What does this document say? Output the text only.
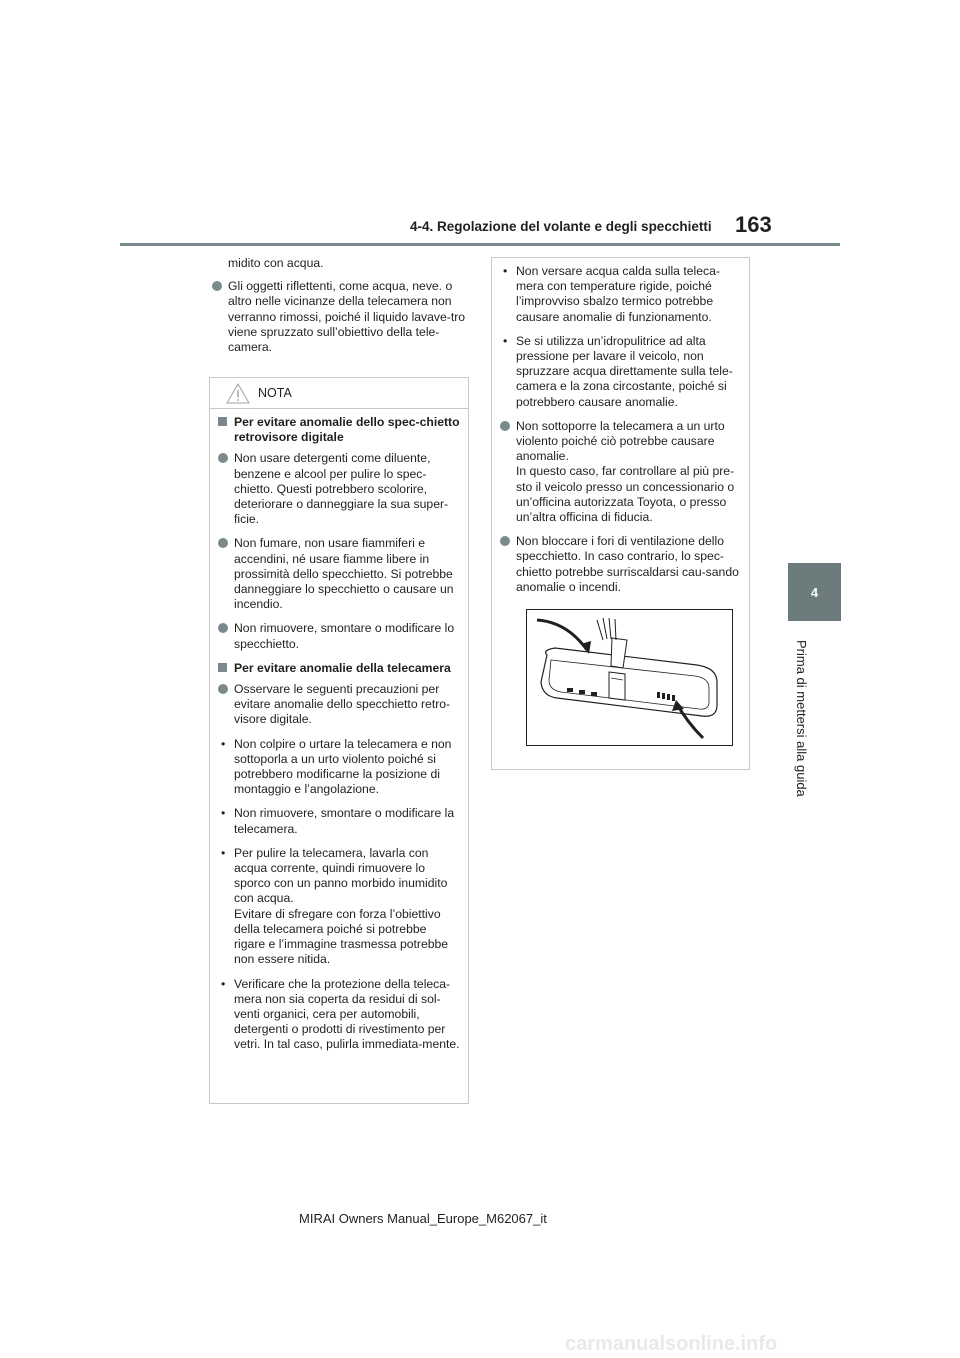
4-4. Regolazione del volante e degli specchietti 163
4
Prima di mettersi alla guida
midito con acqua.
Gli oggetti riflettenti, come acqua, neve. o altro nelle vicinanze della telecamera non verranno rimossi, poiché il liquido lavave-tro viene spruzzato sull’obiettivo della tele-camera.
NOTA
Per evitare anomalie dello spec-chietto retrovisore digitale
Non usare detergenti come diluente, benzene e alcool per pulire lo spec-chietto. Questi potrebbero scolorire, deteriorare o danneggiare la sua super-ficie.
Non fumare, non usare fiammiferi e accendini, né usare fiamme libere in prossimità dello specchietto. Si potrebbe danneggiare lo specchietto o causare un incendio.
Non rimuovere, smontare o modificare lo specchietto.
Per evitare anomalie della telecamera
Osservare le seguenti precauzioni per evitare anomalie dello specchietto retro-visore digitale.
• Non colpire o urtare la telecamera e non sottoporla a un urto violento poiché si potrebbero modificarne la posizione di montaggio e l’angolazione.
• Non rimuovere, smontare o modificare la telecamera.
• Per pulire la telecamera, lavarla con acqua corrente, quindi rimuovere lo sporco con un panno morbido inumidito con acqua.
Evitare di sfregare con forza l’obiettivo della telecamera poiché si potrebbe rigare e l’immagine trasmessa potrebbe non essere nitida.
• Verificare che la protezione della teleca-mera non sia coperta da residui di sol-venti organici, cera per automobili, detergenti o prodotti di rivestimento per vetri. In tal caso, pulirla immediata-mente.
• Non versare acqua calda sulla teleca-mera con temperature rigide, poiché l’improvviso sbalzo termico potrebbe causare anomalie di funzionamento.
• Se si utilizza un’idropulitrice ad alta pressione per lavare il veicolo, non spruzzare acqua direttamente sulla tele-camera e la zona circostante, poiché si potrebbero causare anomalie.
Non sottoporre la telecamera a un urto violento poiché ciò potrebbe causare anomalie.
In questo caso, far controllare al più pre-sto il veicolo presso un concessionario o un’officina autorizzata Toyota, o presso un’altra officina di fiducia.
Non bloccare i fori di ventilazione dello specchietto. In caso contrario, lo spec-chietto potrebbe surriscaldarsi cau-sando anomalie o incendi.
MIRAI Owners Manual_Europe_M62067_it
carmanualsonline.info
